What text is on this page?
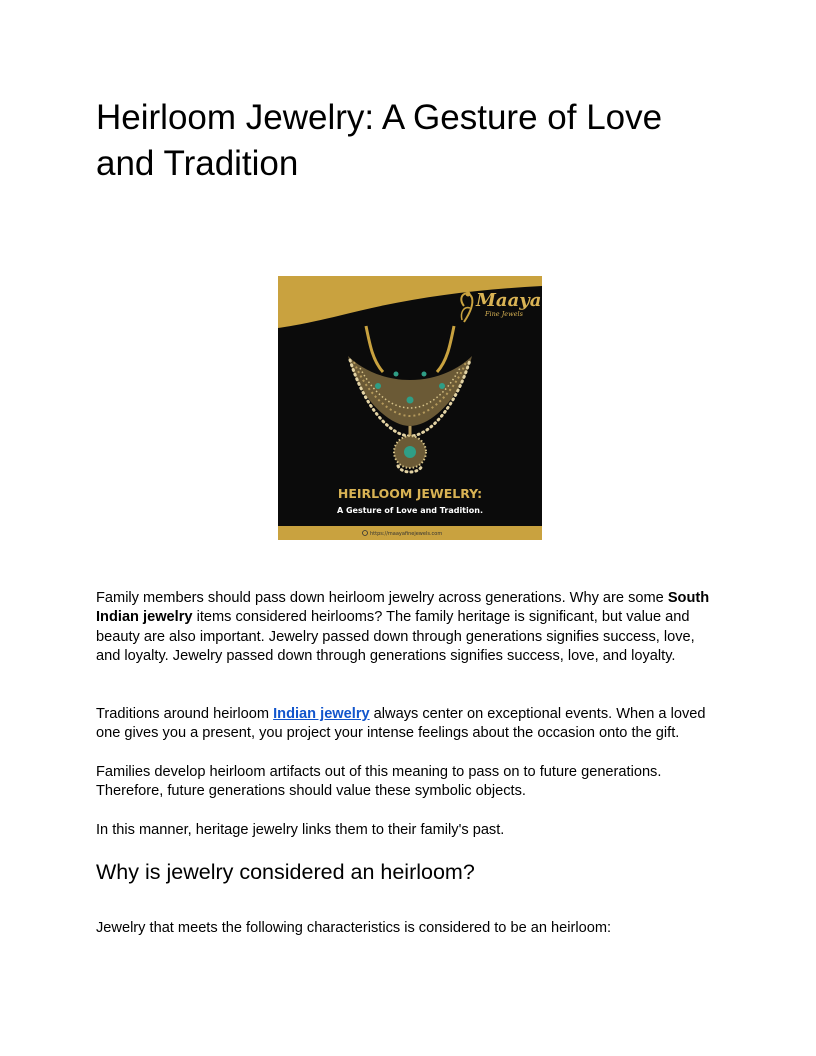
Heirloom Jewelry: A Gesture of Love and Tradition
Maaya
Fine Jewels
HEIRLOOM JEWELRY:
A Gesture of Love and Tradition.
https://maayafinejewels.com

Family members should pass down heirloom jewelry across generations. Why are some South Indian jewelry items considered heirlooms? The family heritage is significant, but value and beauty are also important. Jewelry passed down through generations signifies success, love, and loyalty. Jewelry passed down through generations signifies success, love, and loyalty.

Traditions around heirloom Indian jewelry always center on exceptional events. When a loved one gives you a present, you project your intense feelings about the occasion onto the gift.

Families develop heirloom artifacts out of this meaning to pass on to future generations. Therefore, future generations should value these symbolic objects.

In this manner, heritage jewelry links them to their family's past.

Why is jewelry considered an heirloom?

Jewelry that meets the following characteristics is considered to be an heirloom:
